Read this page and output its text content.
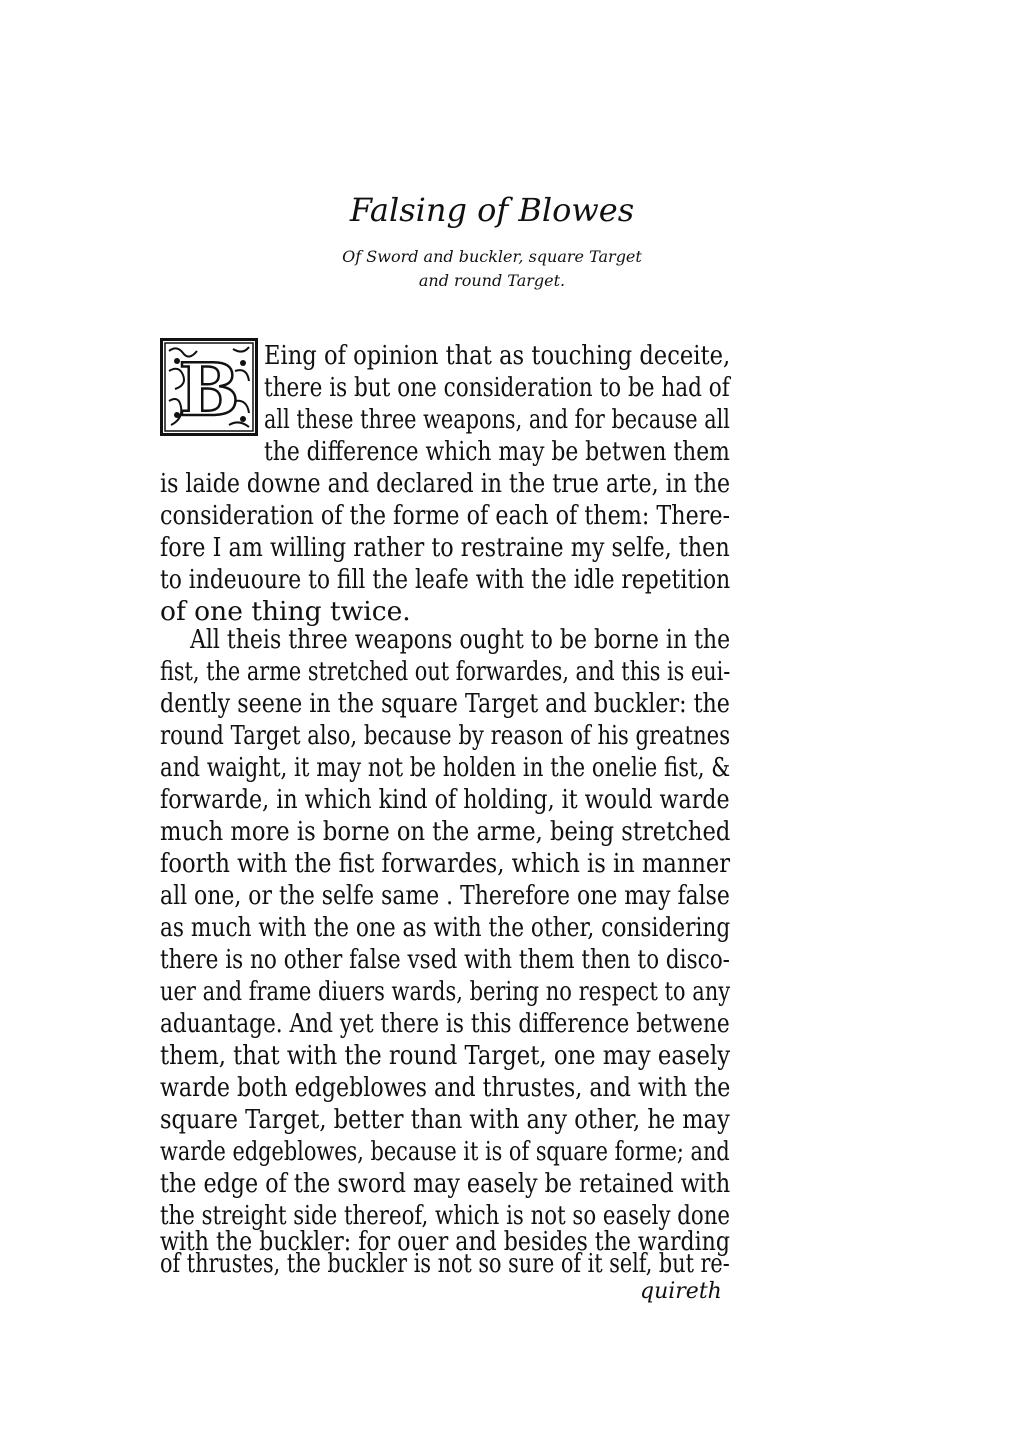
Falsing of Blowes
Of Sword and buckler, square Target
and round Target.
B Eing of opinion that as touching deceite,
there is but one consideration to be had of
all these three weapons, and for because all
the difference which may be betwen them
is laide downe and declared in the true arte, in the
consideration of the forme of each of them: There-
fore I am willing rather to restraine my selfe, then
to indeuoure to fill the leafe with the idle repetition
of one thing twice.
All theis three weapons ought to be borne in the
fist, the arme stretched out forwardes, and this is eui-
dently seene in the square Target and buckler: the
round Target also, because by reason of his greatnes
and waight, it may not be holden in the onelie fist, &
forwarde, in which kind of holding, it would warde
much more is borne on the arme, being stretched
foorth with the fist forwardes, which is in manner
all one, or the selfe same . Therefore one may false
as much with the one as with the other, considering
there is no other false vsed with them then to disco-
uer and frame diuers wards, bering no respect to any
aduantage. And yet there is this difference betwene
them, that with the round Target, one may easely
warde both edgeblowes and thrustes, and with the
square Target, better than with any other, he may
warde edgeblowes, because it is of square forme; and
the edge of the sword may easely be retained with
the streight side thereof, which is not so easely done
with the buckler: for ouer and besides the warding
of thrustes, the buckler is not so sure of it self, but re-
quireth
